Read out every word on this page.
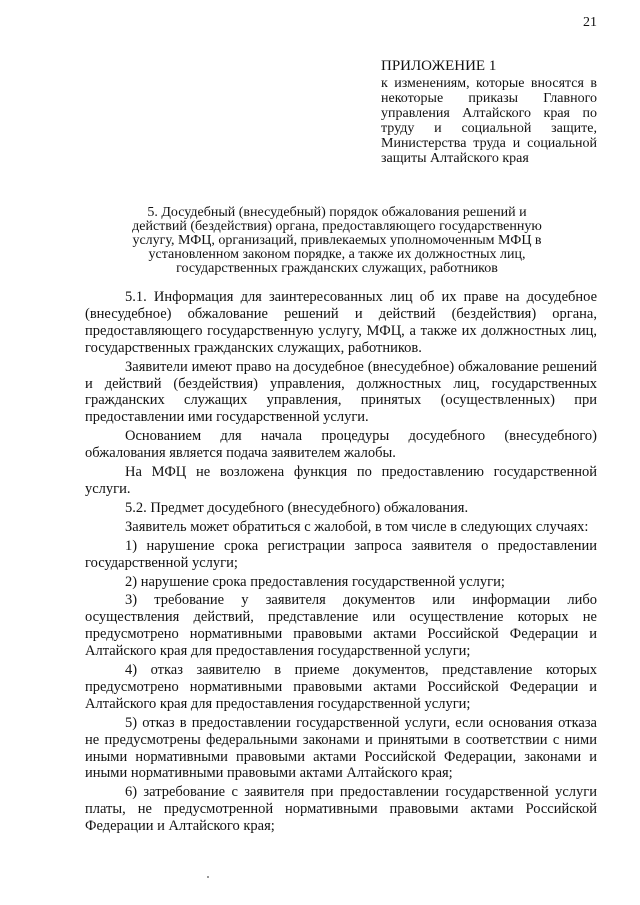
21
ПРИЛОЖЕНИЕ 1
к изменениям, которые вносятся в некоторые приказы Главного управления Алтайского края по труду и социальной защите, Министерства труда и социальной защиты Алтайского края
5. Досудебный (внесудебный) порядок обжалования решений и действий (бездействия) органа, предоставляющего государственную услугу, МФЦ, организаций, привлекаемых уполномоченным МФЦ в установленном законом порядке, а также их должностных лиц, государственных гражданских служащих, работников

5.1. Информация для заинтересованных лиц об их праве на досудебное (внесудебное) обжалование решений и действий (бездействия) органа, предоставляющего государственную услугу, МФЦ, а также их должностных лиц, государственных гражданских служащих, работников.

Заявители имеют право на досудебное (внесудебное) обжалование решений и действий (бездействия) управления, должностных лиц, государственных гражданских служащих управления, принятых (осуществленных) при предоставлении ими государственной услуги.

Основанием для начала процедуры досудебного (внесудебного) обжалования является подача заявителем жалобы.

На МФЦ не возложена функция по предоставлению государственной услуги.

5.2. Предмет досудебного (внесудебного) обжалования.

Заявитель может обратиться с жалобой, в том числе в следующих случаях:

1) нарушение срока регистрации запроса заявителя о предоставлении государственной услуги;

2) нарушение срока предоставления государственной услуги;

3) требование у заявителя документов или информации либо осуществления действий, представление или осуществление которых не предусмотрено нормативными правовыми актами Российской Федерации и Алтайского края для предоставления государственной услуги;

4) отказ заявителю в приеме документов, представление которых предусмотрено нормативными правовыми актами Российской Федерации и Алтайского края для предоставления государственной услуги;

5) отказ в предоставлении государственной услуги, если основания отказа не предусмотрены федеральными законами и принятыми в соответствии с ними иными нормативными правовыми актами Российской Федерации, законами и иными нормативными правовыми актами Алтайского края;

6) затребование с заявителя при предоставлении государственной услуги платы, не предусмотренной нормативными правовыми актами Российской Федерации и Алтайского края;
